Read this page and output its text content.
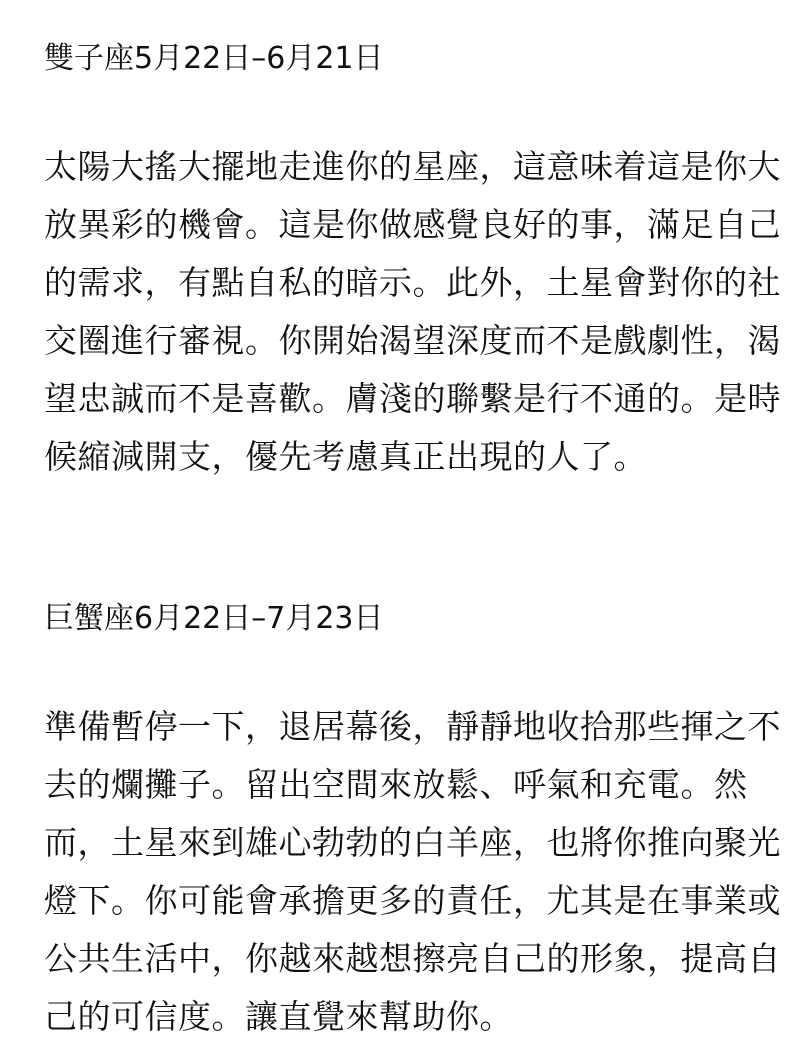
雙子座5月22日–6月21日
太陽大搖大擺地走進你的星座，這意味着這是你大
放異彩的機會。這是你做感覺良好的事，滿足自己
的需求，有點自私的暗示。此外，土星會對你的社
交圈進行審視。你開始渴望深度而不是戲劇性，渴
望忠誠而不是喜歡。膚淺的聯繫是行不通的。是時
候縮減開支，優先考慮真正出現的人了。
巨蟹座6月22日–7月23日
準備暫停一下，退居幕後，靜靜地收拾那些揮之不
去的爛攤子。留出空間來放鬆、呼氣和充電。然
而，土星來到雄心勃勃的白羊座，也將你推向聚光
燈下。你可能會承擔更多的責任，尤其是在事業或
公共生活中，你越來越想擦亮自己的形象，提高自
己的可信度。讓直覺來幫助你。
